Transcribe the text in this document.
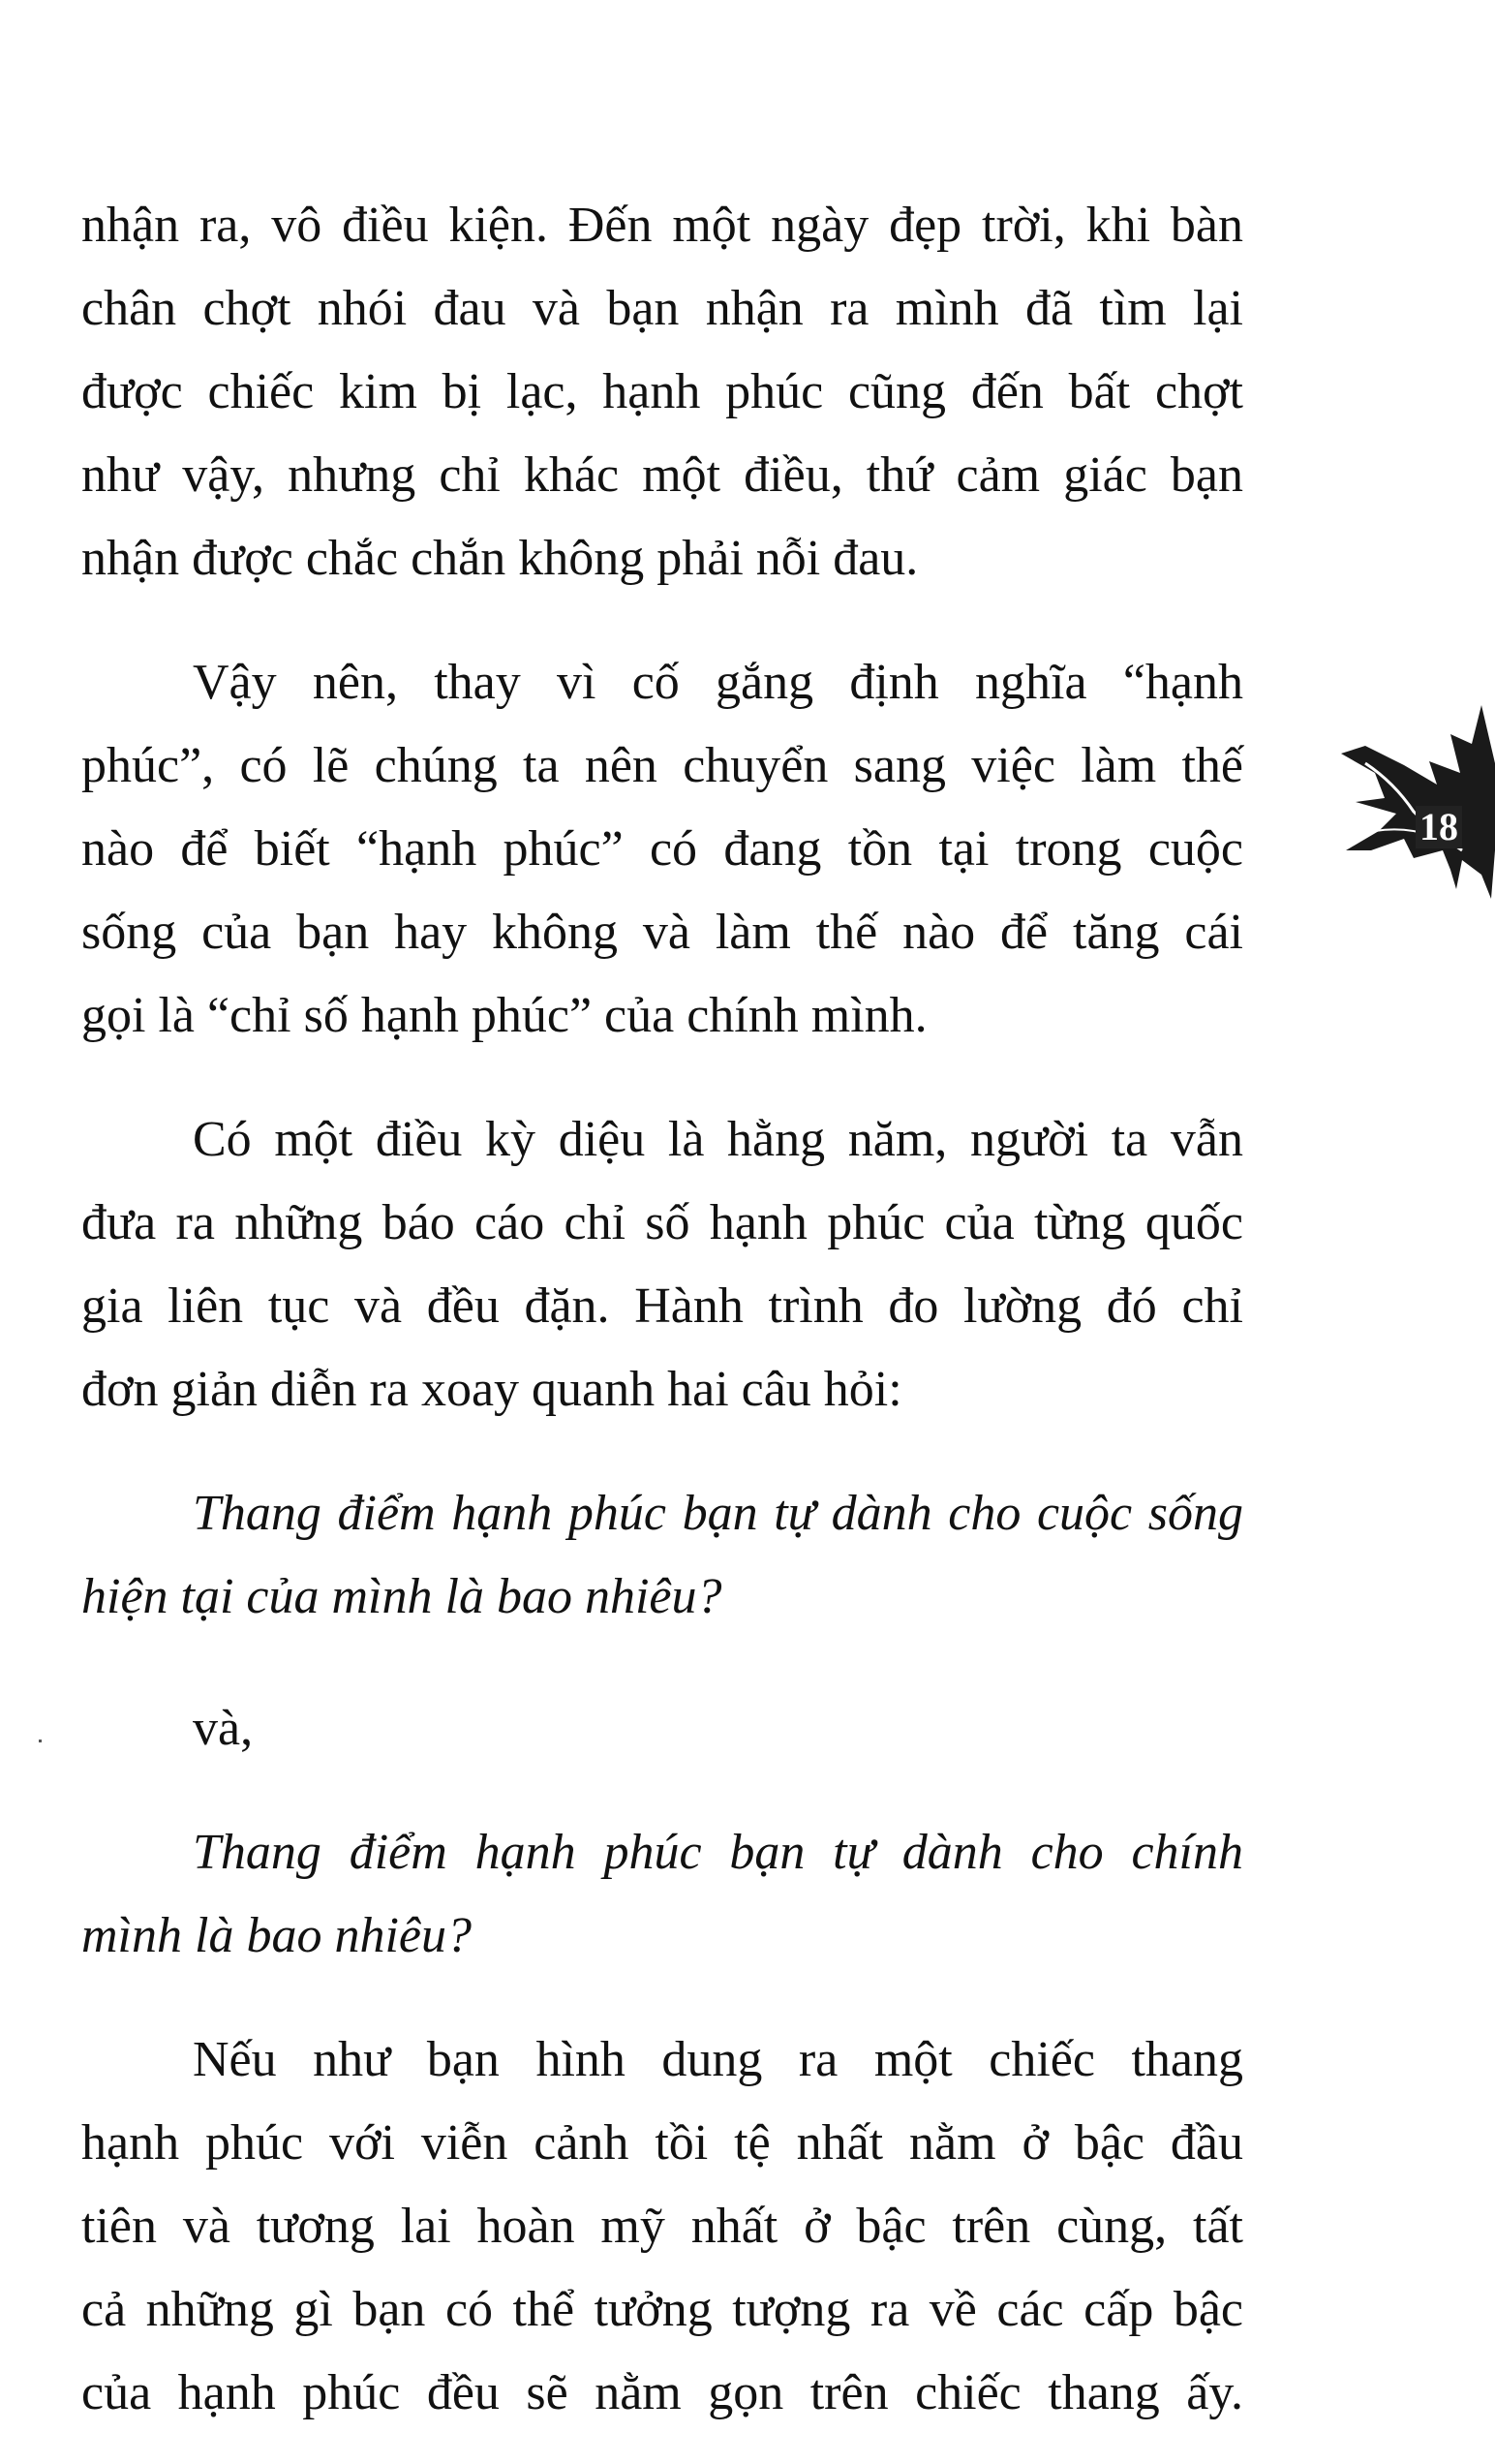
nhận ra, vô điều kiện. Đến một ngày đẹp trời, khi bàn
chân chợt nhói đau và bạn nhận ra mình đã tìm lại
được chiếc kim bị lạc, hạnh phúc cũng đến bất chợt
như vậy, nhưng chỉ khác một điều, thứ cảm giác bạn
nhận được chắc chắn không phải nỗi đau.

Vậy nên, thay vì cố gắng định nghĩa “hạnh
phúc”, có lẽ chúng ta nên chuyển sang việc làm thế
nào để biết “hạnh phúc” có đang tồn tại trong cuộc
sống của bạn hay không và làm thế nào để tăng cái
gọi là “chỉ số hạnh phúc” của chính mình.

Có một điều kỳ diệu là hằng năm, người ta vẫn
đưa ra những báo cáo chỉ số hạnh phúc của từng quốc
gia liên tục và đều đặn. Hành trình đo lường đó chỉ
đơn giản diễn ra xoay quanh hai câu hỏi:

Thang điểm hạnh phúc bạn tự dành cho cuộc sống
hiện tại của mình là bao nhiêu?

và,

Thang điểm hạnh phúc bạn tự dành cho chính
mình là bao nhiêu?

Nếu như bạn hình dung ra một chiếc thang
hạnh phúc với viễn cảnh tồi tệ nhất nằm ở bậc đầu
tiên và tương lai hoàn mỹ nhất ở bậc trên cùng, tất
cả những gì bạn có thể tưởng tượng ra về các cấp bậc
của hạnh phúc đều sẽ nằm gọn trên chiếc thang ấy.

18
